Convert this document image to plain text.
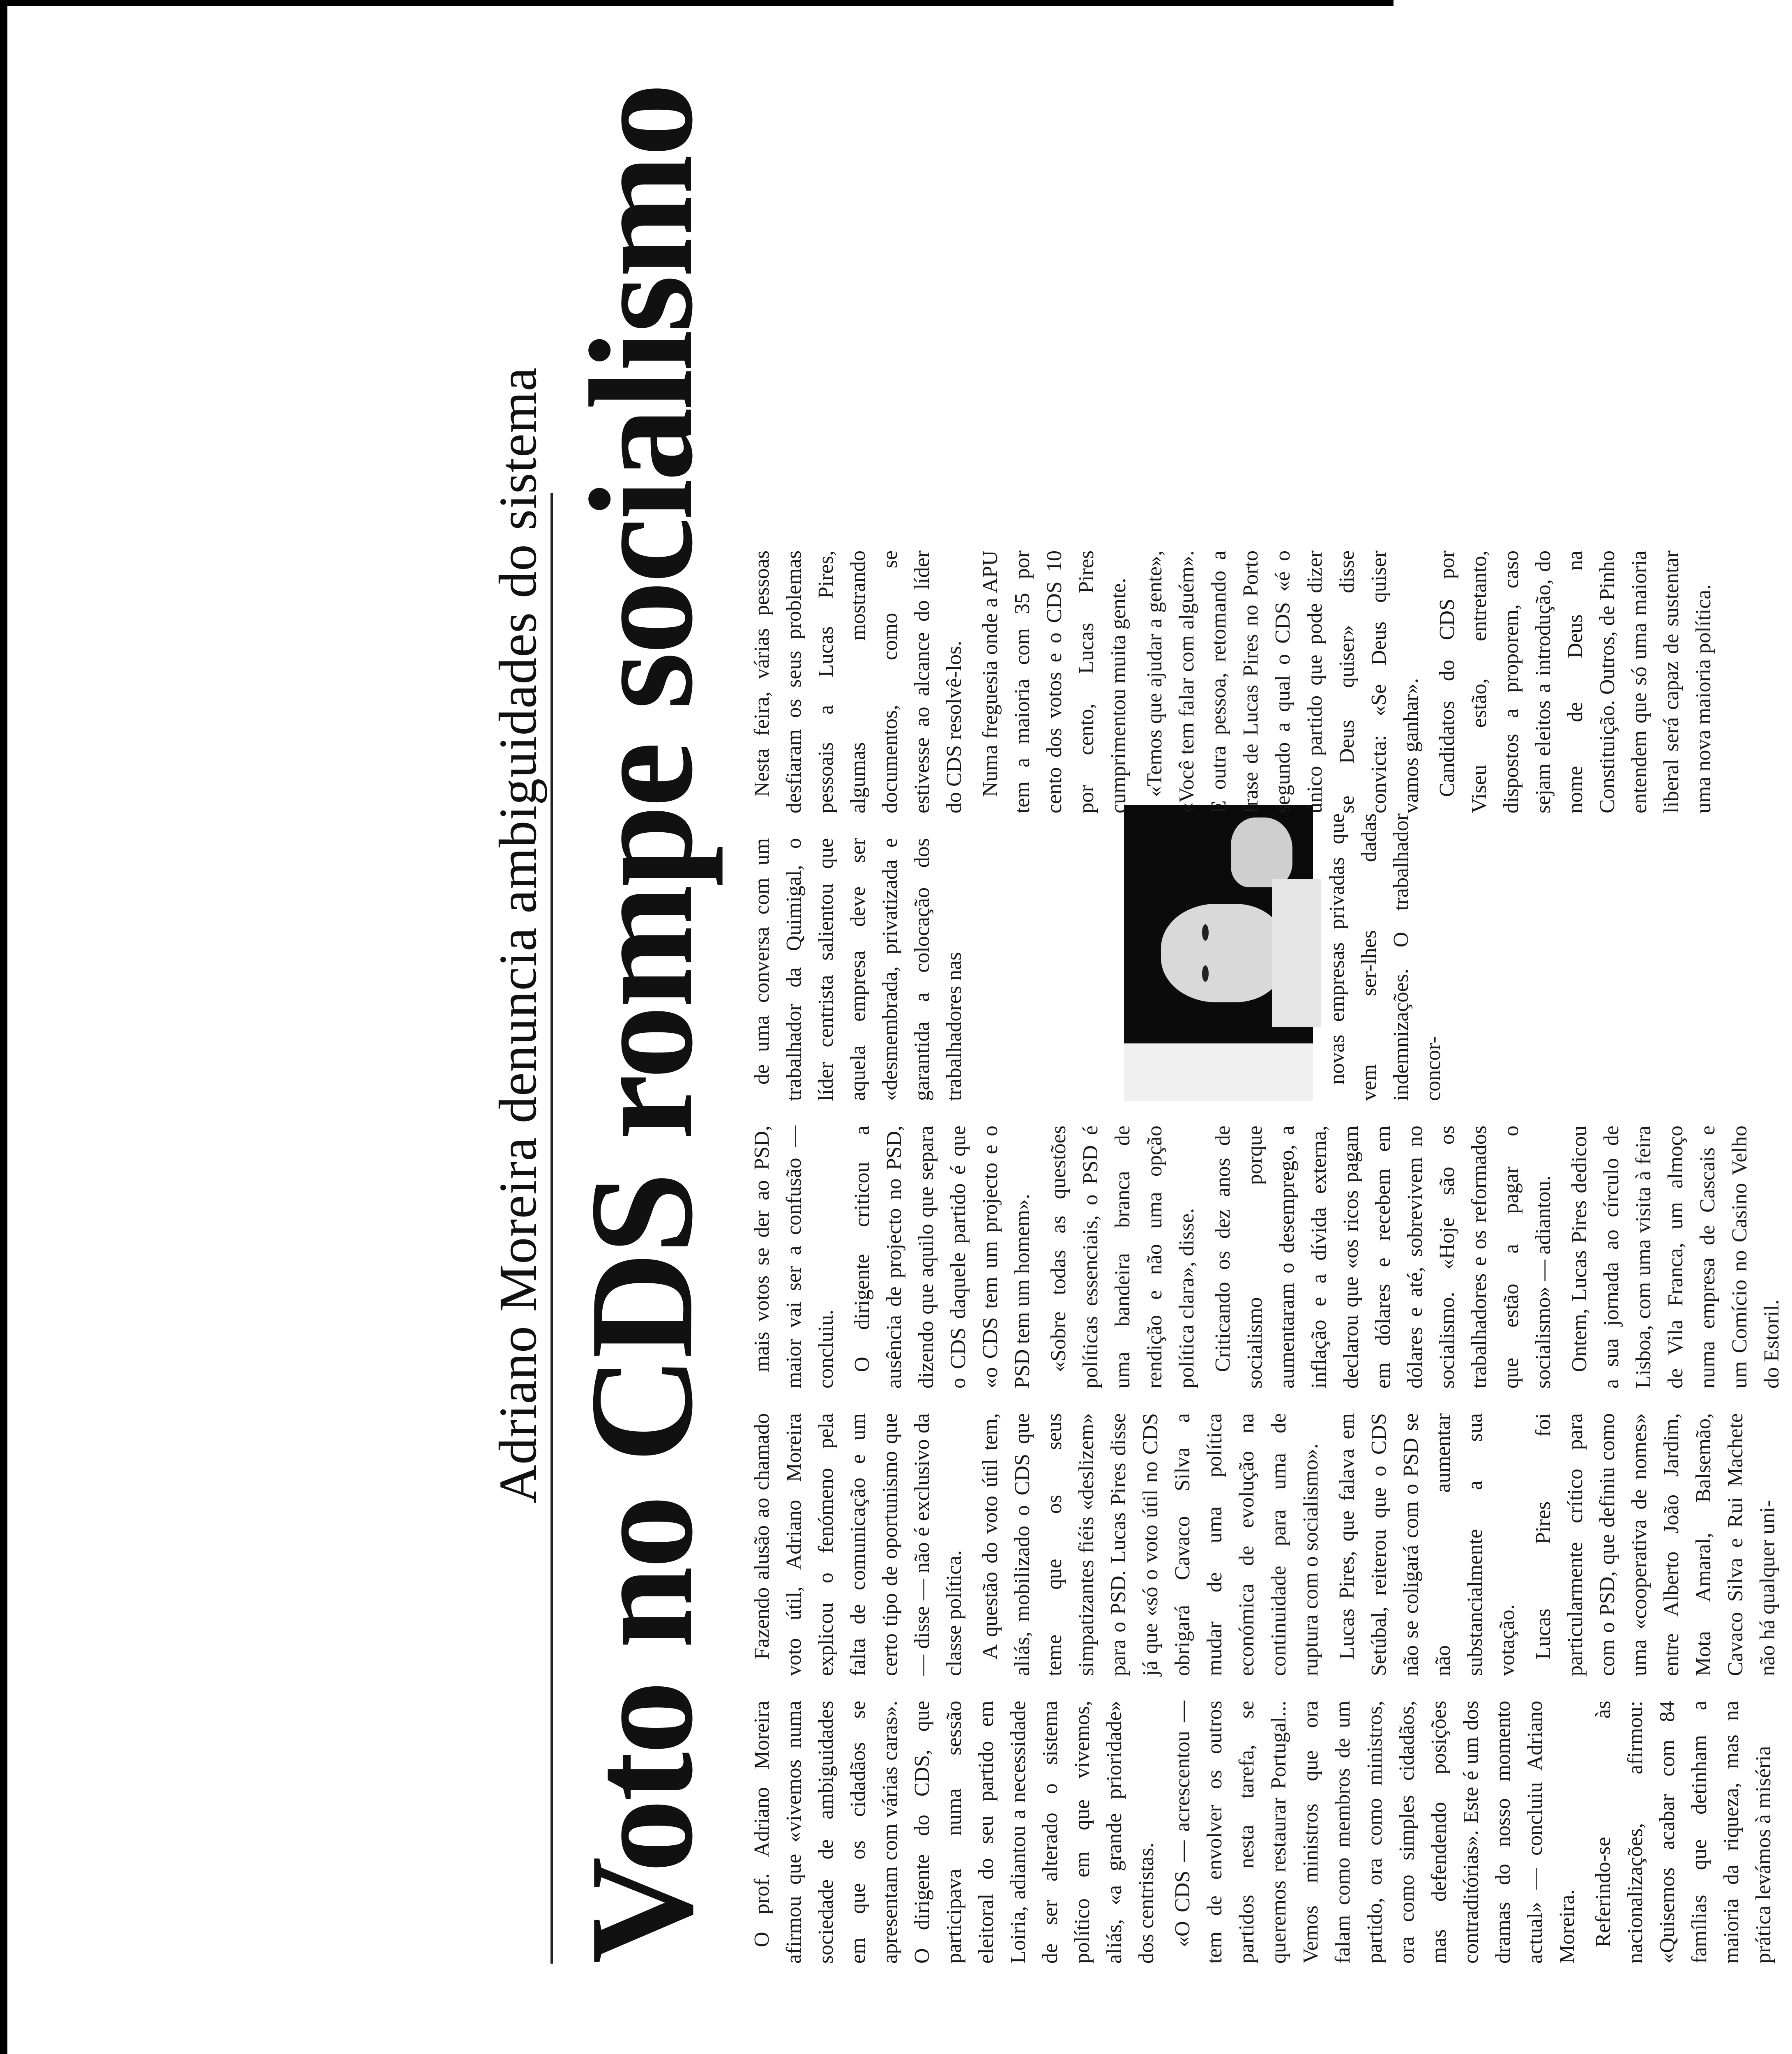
Adriano Moreira denuncia ambiguidades do sistema Voto no CDS rompe socialismo O prof. Adriano Moreira afirmou que «vivemos numa sociedade de ambiguidades em que os cidadãos se apresentam com várias caras». O dirigente do CDS, que participava numa sessão eleitoral do seu partido em Loiria, adiantou a necessidade de ser alterado o sistema político em que vivemos, aliás, «a grande prioridade» dos centristas. «O CDS — acrescentou — tem de envolver os outros partidos nesta tarefa, se queremos restaurar Portugal... Vemos ministros que ora falam como membros de um partido, ora como ministros, ora como simples cidadãos, mas defendendo posições contraditórias». Este é um dos dramas do nosso momento actual» — concluiu Adriano Moreira. Referindo-se às nacionalizações, afirmou: «Quisemos acabar com 84 famílias que detinham a maioria da riqueza, mas na prática levámos à miséria

Fazendo alusão ao chamado voto útil, Adriano Moreira explicou o fenómeno pela falta de comunicação e um certo tipo de oportunismo que — disse — não é exclusivo da classe política. A questão do voto útil tem, aliás, mobilizado o CDS que teme que os seus simpatizantes fiéis «deslizem» para o PSD. Lucas Pires disse já que «só o voto útil no CDS obrigará Cavaco Silva a mudar de uma política económica de evolução na continuidade para uma de ruptura com o socialismo». Lucas Pires, que falava em Setúbal, reiterou que o CDS não se coligará com o PSD se não aumentar substancialmente a sua votação. Lucas Pires foi particularmente crítico para com o PSD, que definiu como uma «cooperativa de nomes» entre Alberto João Jardim, Mota Amaral, Balsemão, Cavaco Silva e Rui Machete não há qualquer uni-

mais votos se der ao PSD, maior vai ser a confusão — concluiu. O dirigente criticou a ausência de projecto no PSD, dizendo que aquilo que separa o CDS daquele partido é que «o CDS tem um projecto e o PSD tem um homem». «Sobre todas as questões políticas essenciais, o PSD é uma bandeira branca de rendição e não uma opção política clara», disse. Criticando os dez anos de socialismo porque aumentaram o desemprego, a inflação e a dívida externa, declarou que «os ricos pagam em dólares e recebem em dólares e até, sobrevivem no socialismo. «Hoje são os trabalhadores e os reformados que estão a pagar o socialismo» — adiantou. Ontem, Lucas Pires dedicou a sua jornada ao círculo de Lisboa, com uma visita à feira de Vila Franca, um almoço numa empresa de Cascais e um Comício no Casino Velho do Estoril.

de uma conversa com um trabalhador da Quimigal, o líder centrista salientou que aquela empresa deve ser «desmembrada, privatizada e garantida a colocação dos trabalhadores nas	novas empresas privadas que vem ser-lhes dadas indemnizações. O trabalhador concor-

Nesta feira, várias pessoas desfiaram os seus problemas pessoais a Lucas Pires, algumas mostrando documentos, como se estivesse ao alcance do líder do CDS resolvê-los. Numa freguesia onde a APU tem a maioria com 35 por cento dos votos e o CDS 10 por cento, Lucas Pires cumprimentou muita gente. «Temos que ajudar a gente», «Você tem falar com alguém». E outra pessoa, retomando a frase de Lucas Pires no Porto segundo a qual o CDS «é o único partido que pode dizer se Deus quiser» disse convicta: «Se Deus quiser vamos ganhar». Candidatos do CDS por Viseu estão, entretanto, dispostos a proporem, caso sejam eleitos a introdução, do nome de Deus na Constituição. Outros, de Pinho entendem que só uma maioria liberal será capaz de sustentar uma nova maioria política.
